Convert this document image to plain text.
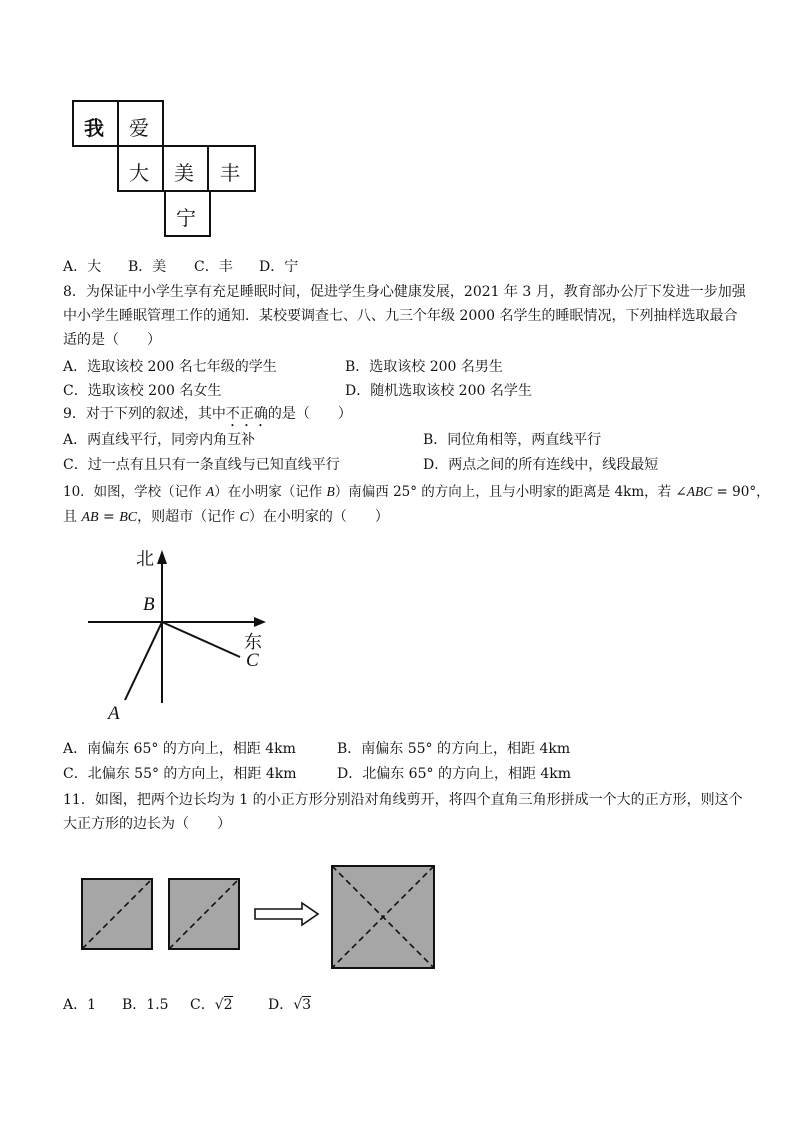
我 爱
大 美 丰
宁
A．大 B．美 C．丰 D．宁
8．为保证中小学生享有充足睡眠时间，促进学生身心健康发展，2021 年 3 月，教育部办公厅下发进一步加强
中小学生睡眠管理工作的通知．某校要调查七、八、九三个年级 2000 名学生的睡眠情况，下列抽样选取最合
适的是（　　）
A．选取该校 200 名七年级的学生	B．选取该校 200 名男生
C．选取该校 200 名女生	D．随机选取该校 200 名学生
9．对于下列的叙述，其中不正确的是（　　）
A．两直线平行，同旁内角互补	B．同位角相等，两直线平行
C．过一点有且只有一条直线与已知直线平行	D．两点之间的所有连线中，线段最短
10．如图，学校（记作 A）在小明家（记作 B）南偏西 25° 的方向上，且与小明家的距离是 4km，若 ∠ABC = 90°，
且 AB = BC，则超市（记作 C）在小明家的（　　）
北
东
B
C
A
A．南偏东 65° 的方向上，相距 4km	B．南偏东 55° 的方向上，相距 4km
C．北偏东 55° 的方向上，相距 4km	D．北偏东 65° 的方向上，相距 4km
11．如图，把两个边长均为 1 的小正方形分别沿对角线剪开，将四个直角三角形拼成一个大的正方形，则这个
大正方形的边长为（　　）
A．1 B．1.5 C．√2	D．√3
